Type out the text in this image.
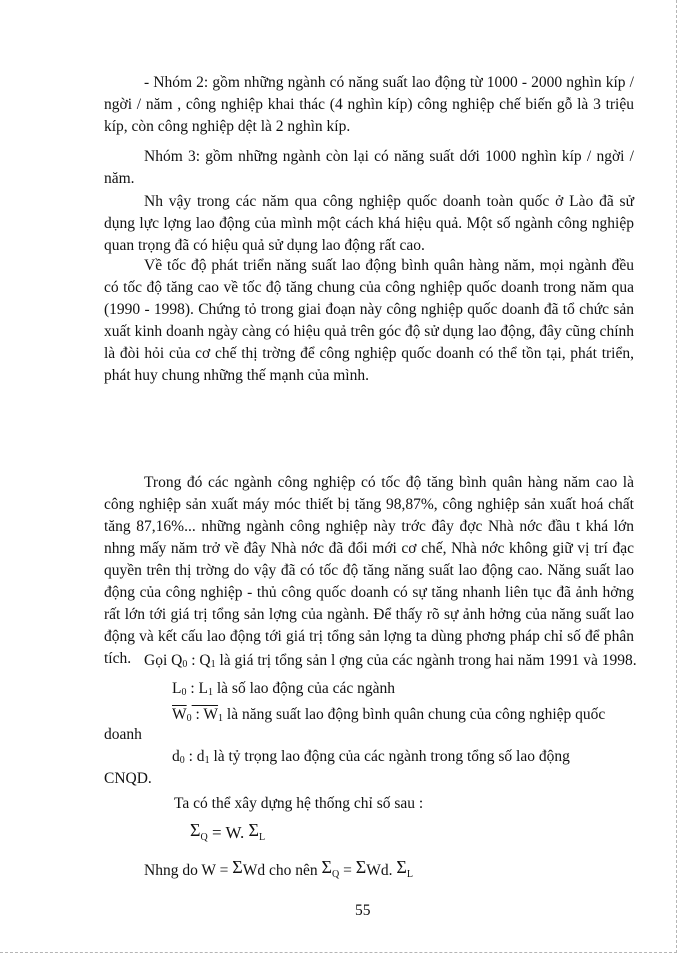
- Nhóm 2: gồm những ngành có năng suất lao động từ 1000 - 2000 nghìn kíp / ngời / năm , công nghiệp khai thác (4 nghìn kíp) công nghiệp chế biến gỗ là 3 triệu kíp, còn công nghiệp dệt là 2 nghìn kíp.

Nhóm 3: gồm những ngành còn lại có năng suất dới 1000 nghìn kíp / ngời / năm.

Nh vậy trong các năm qua công nghiệp quốc doanh toàn quốc ở Lào đã sử dụng lực lợng lao động của mình một cách khá hiệu quả. Một số ngành công nghiệp quan trọng đã có hiệu quả sử dụng lao động rất cao.

Về tốc độ phát triển năng suất lao động bình quân hàng năm, mọi ngành đều có tốc độ tăng cao về tốc độ tăng chung của công nghiệp quốc doanh trong năm qua (1990 - 1998). Chứng tỏ trong giai đoạn này công nghiệp quốc doanh đã tổ chức sản xuất kinh doanh ngày càng có hiệu quả trên góc độ sử dụng lao động, đây cũng chính là đòi hỏi của cơ chế thị trờng để công nghiệp quốc doanh có thể tồn tại, phát triển, phát huy chung những thế mạnh của mình.

Trong đó các ngành công nghiệp có tốc độ tăng bình quân hàng năm cao là công nghiệp sản xuất máy móc thiết bị tăng 98,87%, công nghiệp sản xuất hoá chất tăng 87,16%... những ngành công nghiệp này trớc đây đợc Nhà nớc đầu t khá lớn nhng mấy năm trở về đây Nhà nớc đã đổi mới cơ chế, Nhà nớc không giữ vị trí đạc quyền trên thị trờng do vậy đã có tốc độ tăng năng suất lao động cao. Năng suất lao động của công nghiệp - thủ công quốc doanh có sự tăng nhanh liên tục đã ảnh hởng rất lớn tới giá trị tổng sản lợng của ngành. Để thấy rõ sự ảnh hởng của năng suất lao động và kết cấu lao động tới giá trị tổng sản lợng ta dùng phơng pháp chỉ số để phân tích. Gọi $Q_0$ : $Q_1$ là giá trị tổng sản l ợng của các ngành trong hai năm 1991 và 1998.
$L_0$ : $L_1$ là số lao động của các ngành
$\overline{W}_0$ : $W_1$ là năng suất lao động bình quân chung của công nghiệp quốc
doanh
$d_0$ : $d_1$ là tỷ trọng lao động của các ngành trong tổng số lao động
CNQD.
Ta có thể xây dựng hệ thống chỉ số sau :
$\Sigma_Q = W$. $\Sigma_L$
Nhng do W = ΣWd cho nên $\Sigma_Q = \Sigma Wd$. $\Sigma_L$
55
